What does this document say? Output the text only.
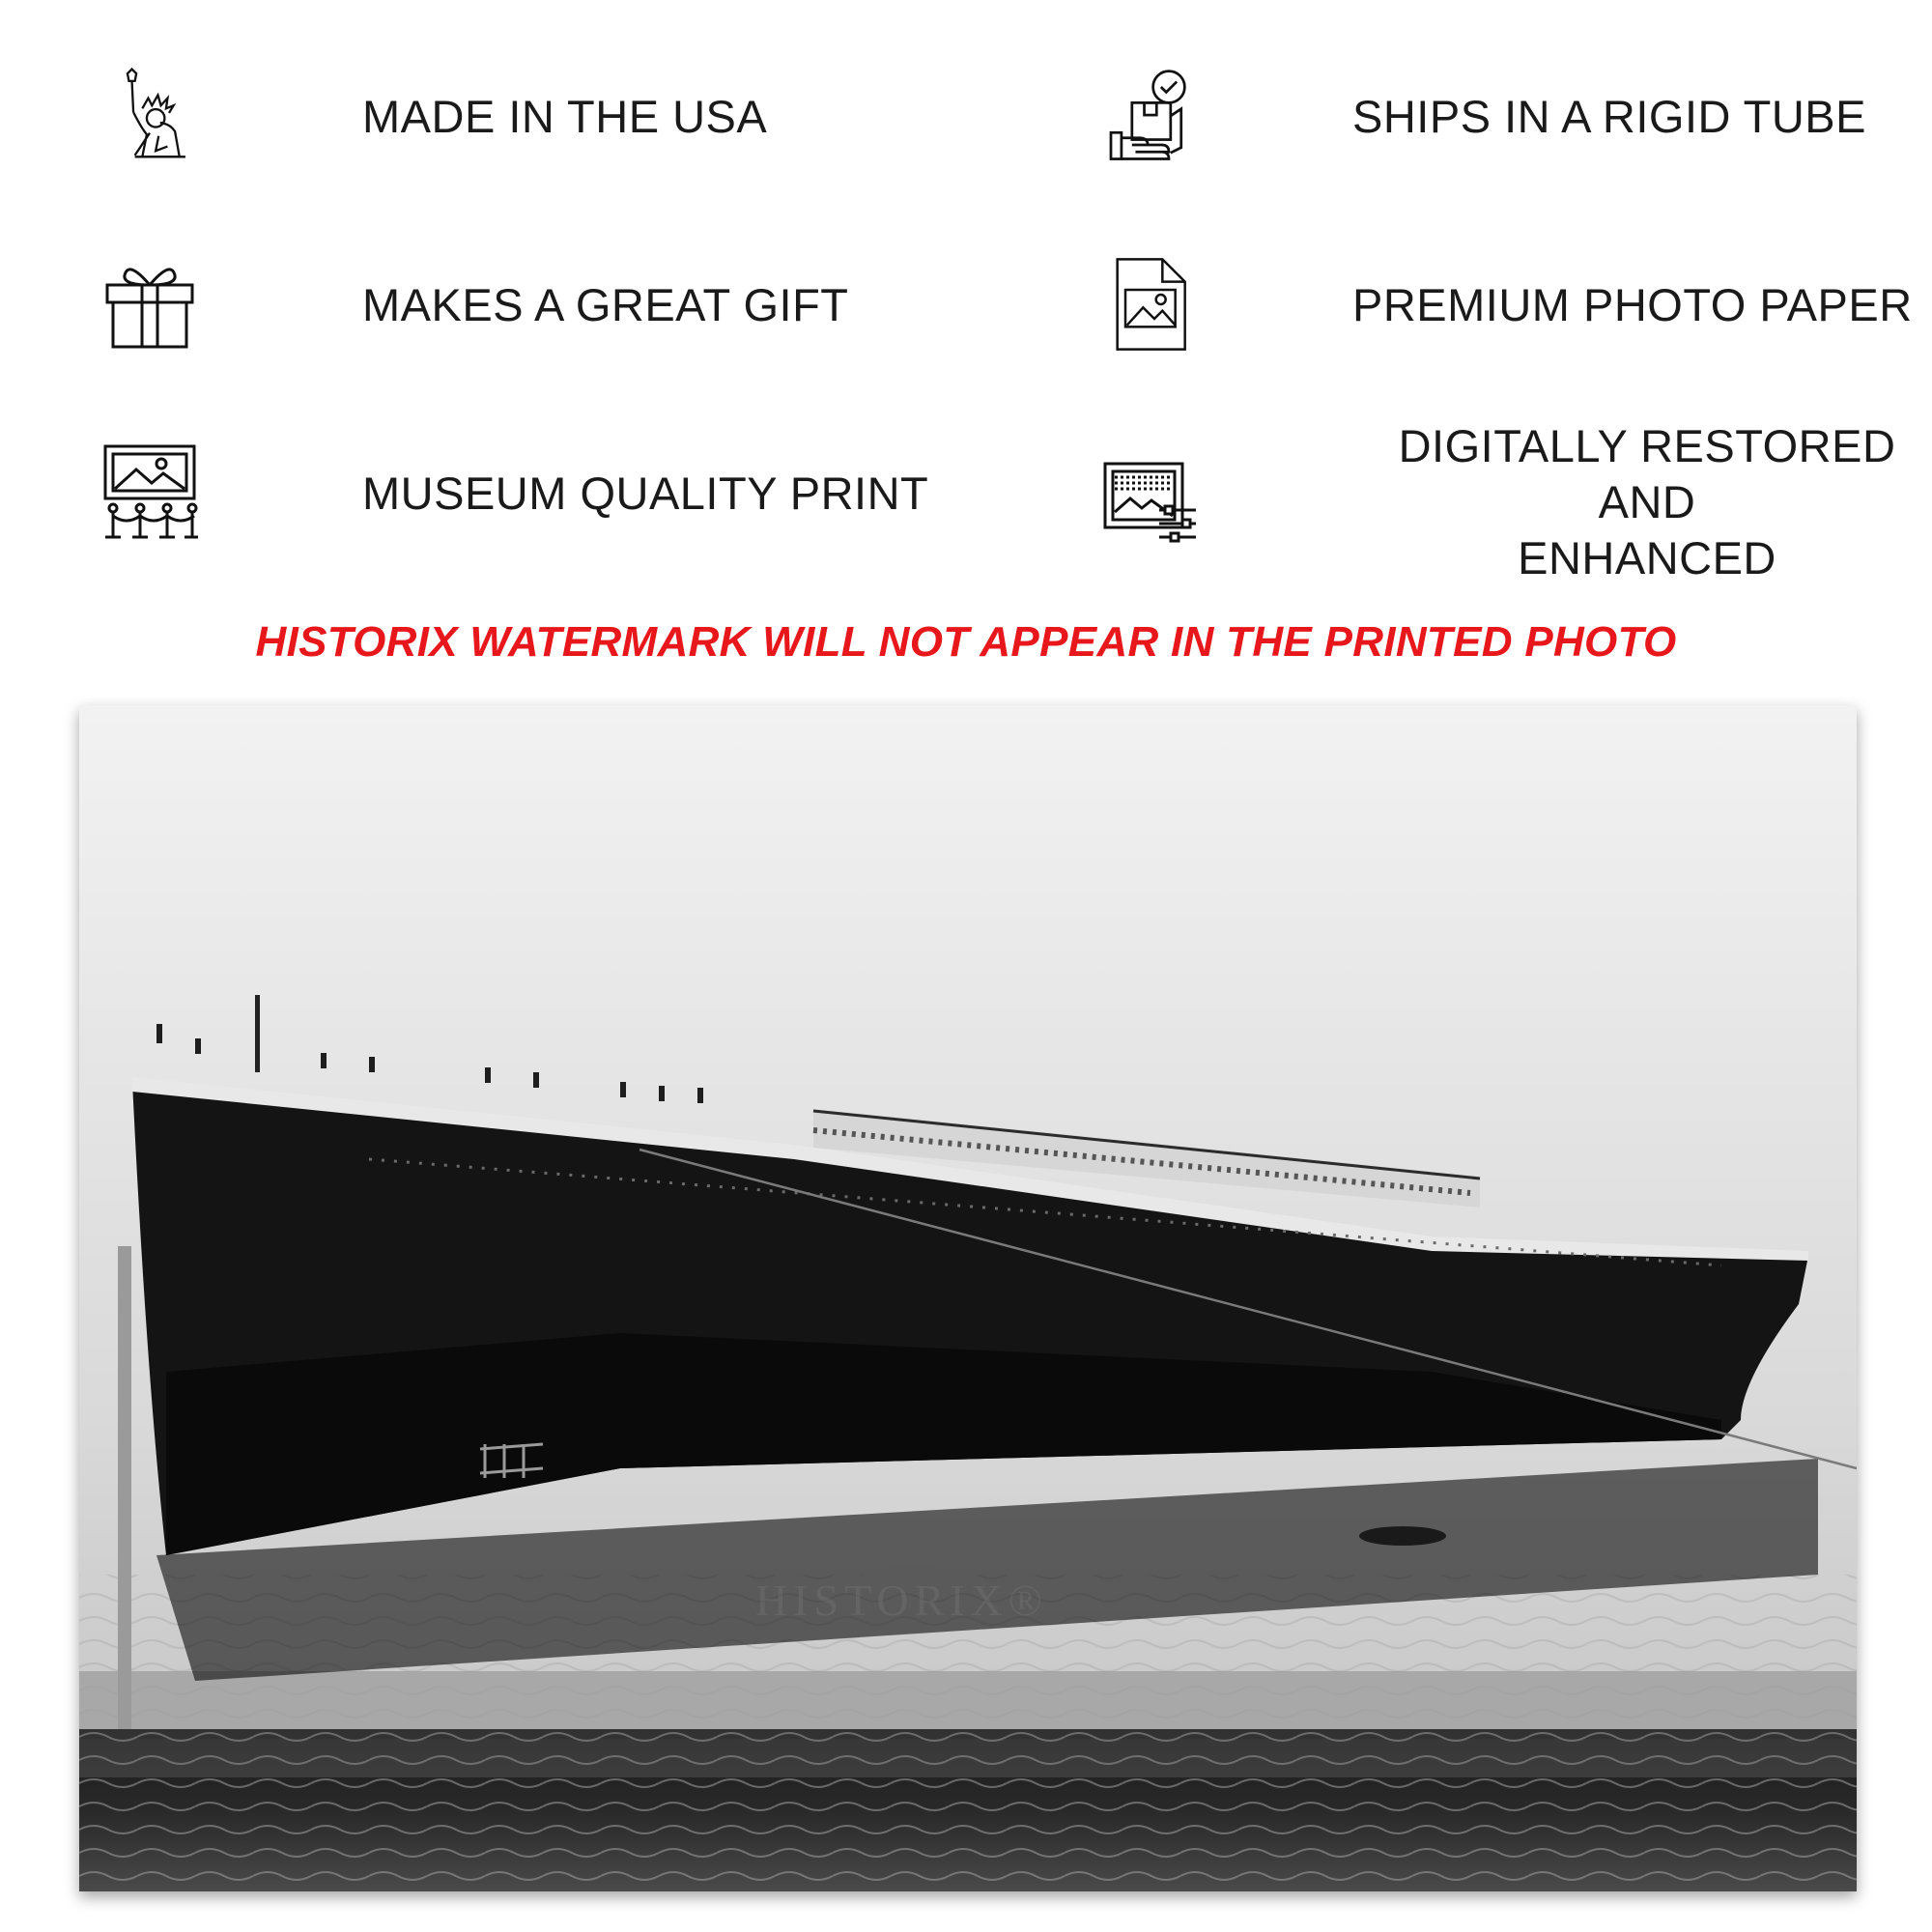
MADE IN THE USA	SHIPS IN A RIGID TUBE
MAKES A GREAT GIFT	PREMIUM PHOTO PAPER
MUSEUM QUALITY PRINT
DIGITALLY RESTORED AND
ENHANCED
HISTORIX WATERMARK WILL NOT APPEAR IN THE PRINTED PHOTO
HISTORIX®
